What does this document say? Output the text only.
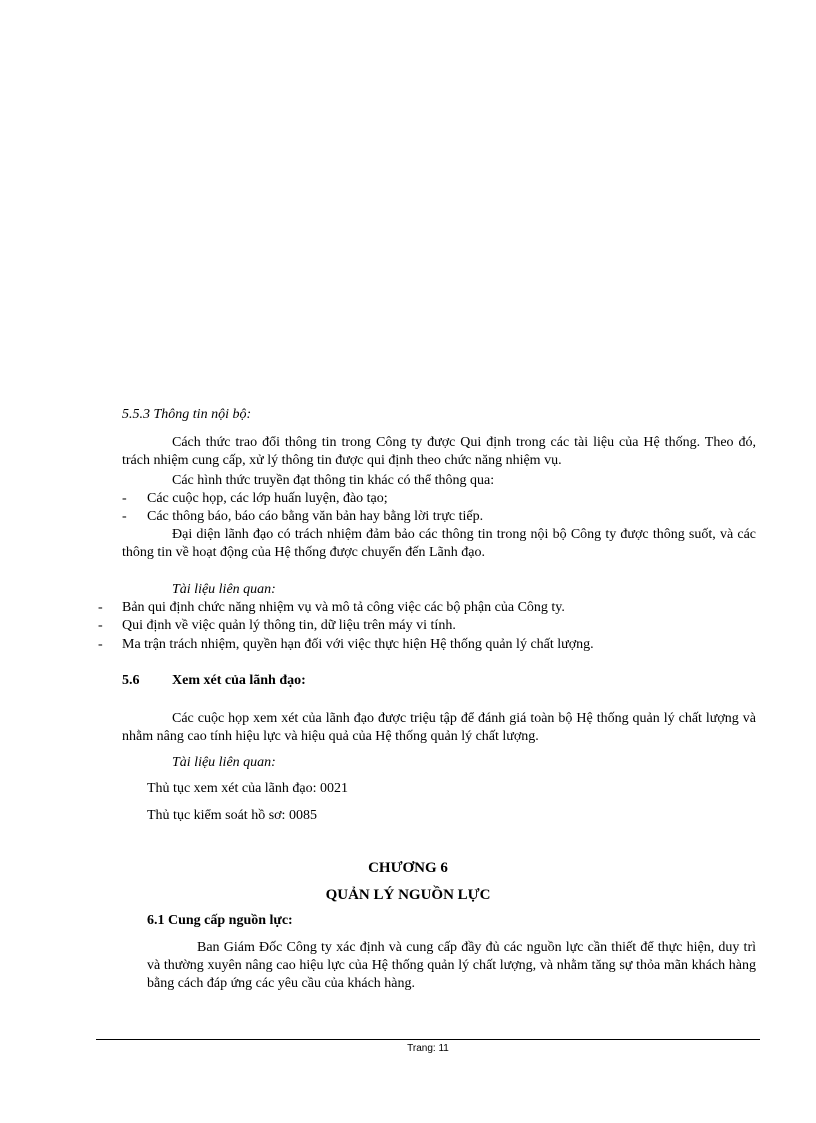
5.5.3 Thông tin nội bộ:
Cách thức trao đổi thông tin trong Công ty được Qui định trong các tài liệu của Hệ thống. Theo đó, trách nhiệm cung cấp, xử lý thông tin được qui định theo chức năng nhiệm vụ.
Các hình thức truyền đạt thông tin khác có thể thông qua:
- Các cuộc họp, các lớp huấn luyện, đào tạo;
- Các thông báo, báo cáo bằng văn bản hay bằng lời trực tiếp.
Đại diện lãnh đạo có trách nhiệm đảm bảo các thông tin trong nội bộ Công ty được thông suốt, và các thông tin về hoạt động của Hệ thống được chuyển đến Lãnh đạo.
Tài liệu liên quan:
- Bản qui định chức năng nhiệm vụ và mô tả công việc các bộ phận của Công ty.
- Qui định về việc quản lý thông tin, dữ liệu trên máy vi tính.
- Ma trận trách nhiệm, quyền hạn đối với việc thực hiện Hệ thống quản lý chất lượng.
5.6 Xem xét của lãnh đạo:
Các cuộc họp xem xét của lãnh đạo được triệu tập để đánh giá toàn bộ Hệ thống quản lý chất lượng và nhằm nâng cao tính hiệu lực và hiệu quả của Hệ thống quản lý chất lượng.
Tài liệu liên quan:
Thủ tục xem xét của lãnh đạo: 0021
Thủ tục kiểm soát hồ sơ: 0085
CHƯƠNG 6
QUẢN LÝ NGUỒN LỰC
6.1 Cung cấp nguồn lực:
Ban Giám Đốc Công ty xác định và cung cấp đầy đủ các nguồn lực cần thiết để thực hiện, duy trì và thường xuyên nâng cao hiệu lực của Hệ thống quản lý chất lượng, và nhằm tăng sự thỏa mãn khách hàng bằng cách đáp ứng các yêu cầu của khách hàng.
Trang: 11
